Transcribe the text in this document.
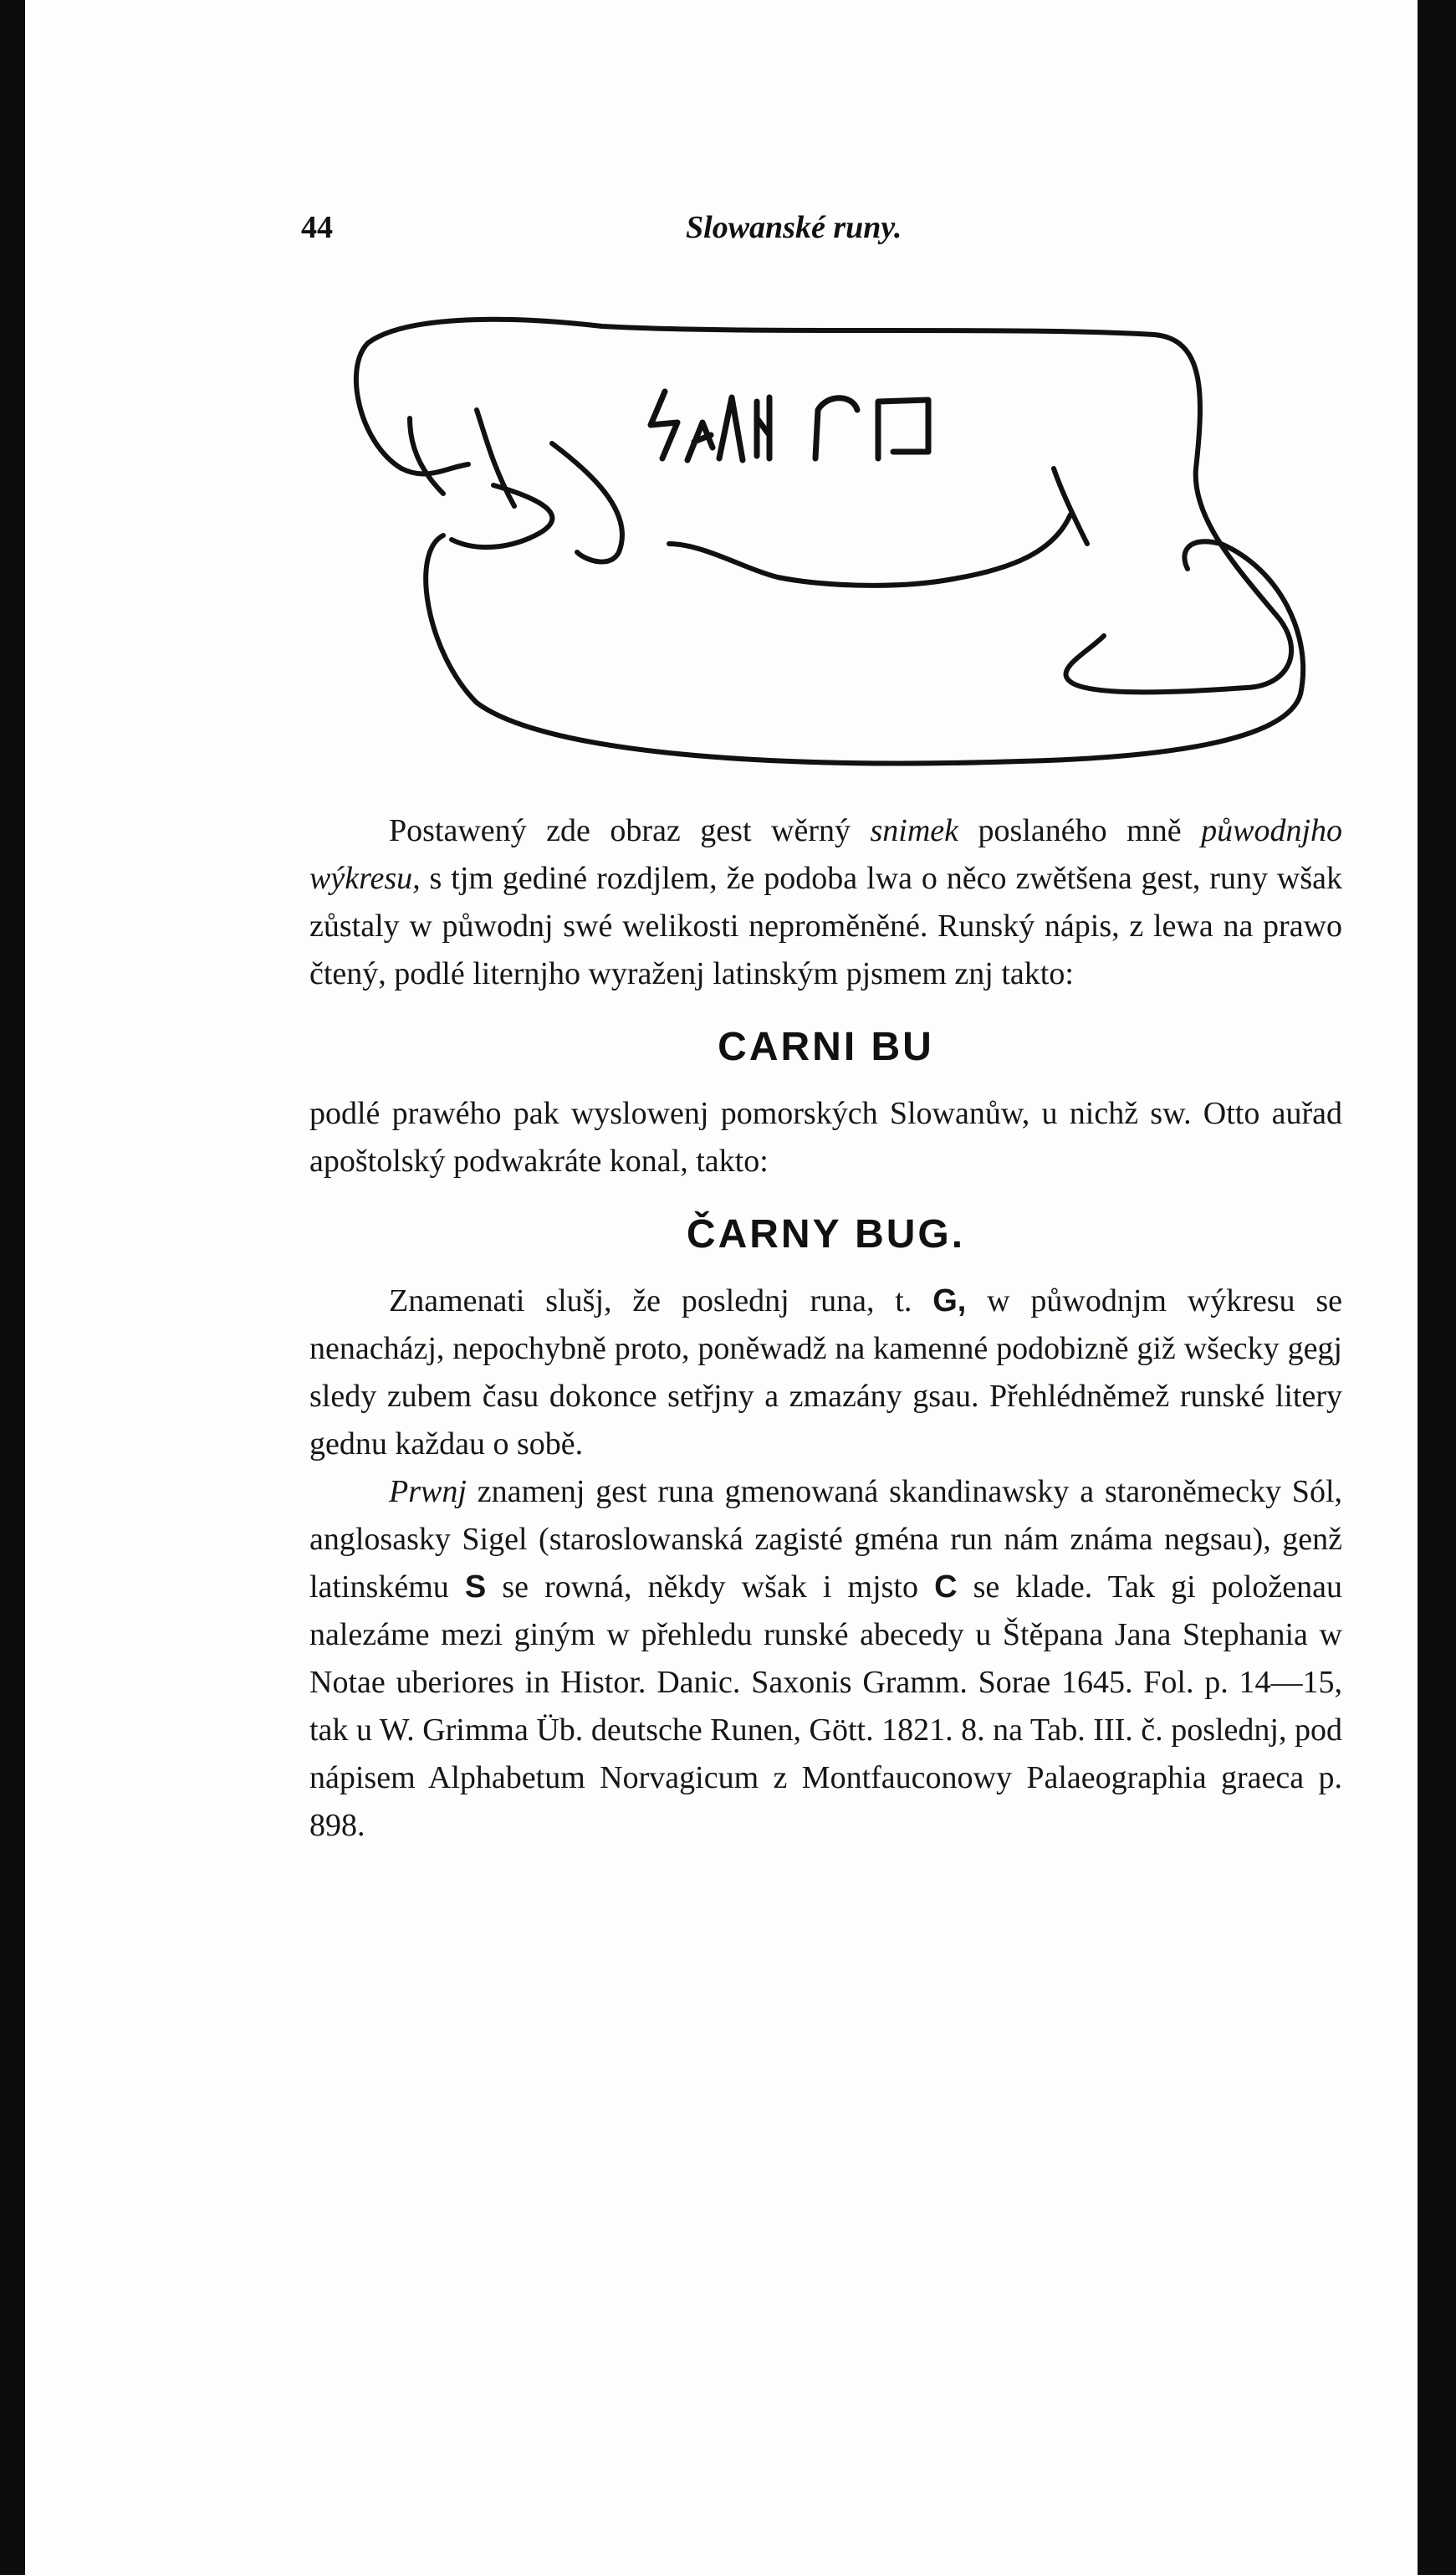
44	Slowanské runy.

Postawený zde obraz gest wěrný snimek poslaného mně půwodnjho wýkresu, s tjm gediné rozdjlem, že podoba lwa o něco zwětšena gest, runy wšak zůstaly w půwodnj swé welikosti neproměněné. Runský nápis, z lewa na prawo čtený, podlé liternjho wyraženj latinským pjsmem znj takto:

CARNI BU

podlé prawého pak wyslowenj pomorských Slowanůw, u nichž sw. Otto auřad apoštolský podwakráte konal, takto:

ČARNY BUG.

Znamenati slušj, že poslednj runa, t. G, w půwodnjm wýkresu se nenacházj, nepochybně proto, poněwadž na kamenné podobizně giž wšecky gegj sledy zubem času dokonce setřjny a zmazány gsau. Přehlédněmež runské litery gednu každau o sobě.

Prwnj znamenj gest runa gmenowaná skandinawsky a staroněmecky Sól, anglosasky Sigel (staroslowanská zagisté gména run nám známa negsau), genž latinskému S se rowná, někdy wšak i mjsto C se klade. Tak gi položenau nalezáme mezi giným w přehledu runské abecedy u Štěpana Jana Stephania w Notae uberiores in Histor. Danic. Saxonis Gramm. Sorae 1645. Fol. p. 14—15, tak u W. Grimma Üb. deutsche Runen, Gött. 1821. 8. na Tab. III. č. poslednj, pod nápisem Alphabetum Norvagicum z Montfauconowy Palaeographia graeca p. 898.
